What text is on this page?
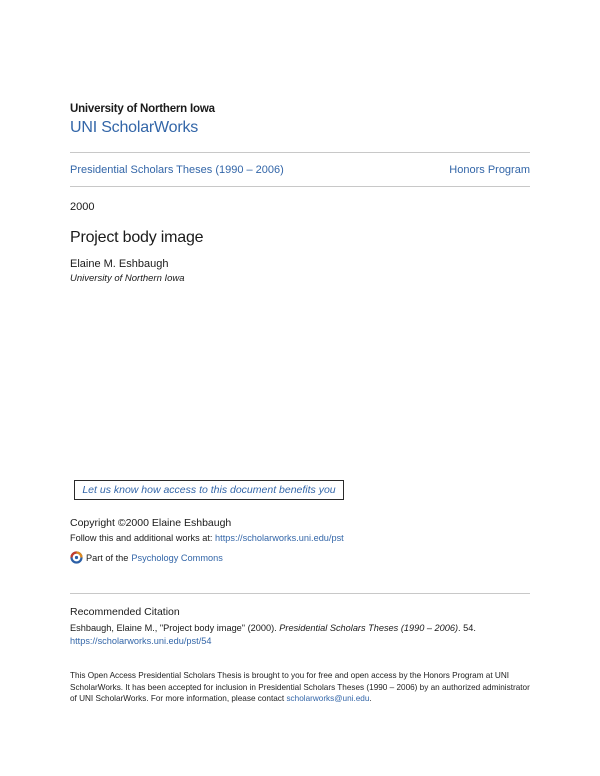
University of Northern Iowa
UNI ScholarWorks
Presidential Scholars Theses (1990 – 2006)	Honors Program
2000
Project body image
Elaine M. Eshbaugh
University of Northern Iowa
Let us know how access to this document benefits you
Copyright ©2000 Elaine Eshbaugh
Follow this and additional works at: https://scholarworks.uni.edu/pst
Part of the Psychology Commons
Recommended Citation
Eshbaugh, Elaine M., "Project body image" (2000). Presidential Scholars Theses (1990 – 2006). 54.
https://scholarworks.uni.edu/pst/54
This Open Access Presidential Scholars Thesis is brought to you for free and open access by the Honors Program at UNI ScholarWorks. It has been accepted for inclusion in Presidential Scholars Theses (1990 – 2006) by an authorized administrator of UNI ScholarWorks. For more information, please contact scholarworks@uni.edu.
